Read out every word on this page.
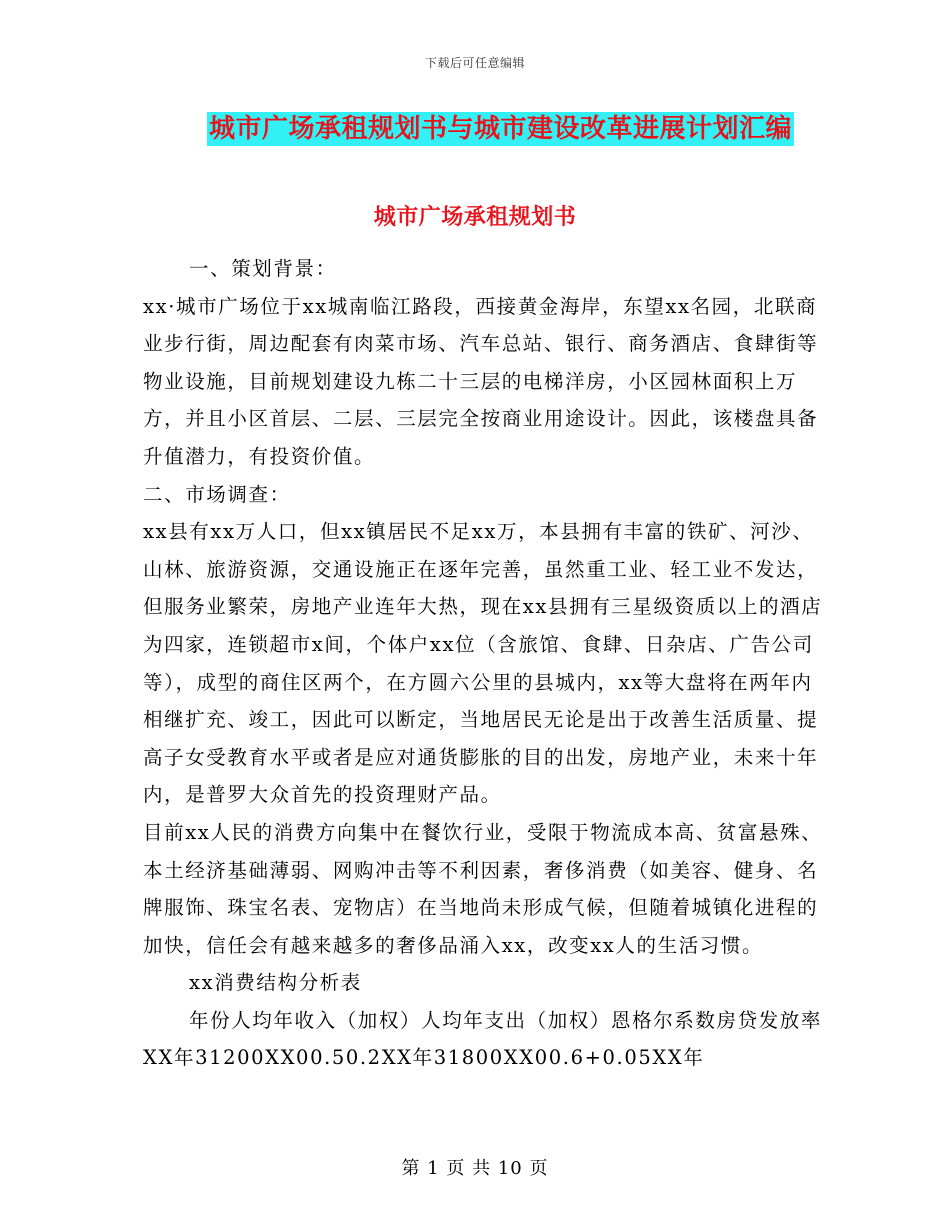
下载后可任意编辑
城市广场承租规划书与城市建设改革进展计划汇编
城市广场承租规划书

一、策划背景：

xx·城市广场位于xx城南临江路段，西接黄金海岸，东望xx名园，北联商业步行街，周边配套有肉菜市场、汽车总站、银行、商务酒店、食肆街等物业设施，目前规划建设九栋二十三层的电梯洋房，小区园林面积上万方，并且小区首层、二层、三层完全按商业用途设计。因此，该楼盘具备升值潜力，有投资价值。

二、市场调查：

xx县有xx万人口，但xx镇居民不足xx万，本县拥有丰富的铁矿、河沙、山林、旅游资源，交通设施正在逐年完善，虽然重工业、轻工业不发达，但服务业繁荣，房地产业连年大热，现在xx县拥有三星级资质以上的酒店为四家，连锁超市x间，个体户xx位（含旅馆、食肆、日杂店、广告公司等），成型的商住区两个，在方圆六公里的县城内，xx等大盘将在两年内相继扩充、竣工，因此可以断定，当地居民无论是出于改善生活质量、提高子女受教育水平或者是应对通货膨胀的目的出发，房地产业，未来十年内，是普罗大众首先的投资理财产品。

目前xx人民的消费方向集中在餐饮行业，受限于物流成本高、贫富悬殊、本土经济基础薄弱、网购冲击等不利因素，奢侈消费（如美容、健身、名牌服饰、珠宝名表、宠物店）在当地尚未形成气候，但随着城镇化进程的加快，信任会有越来越多的奢侈品涌入xx，改变xx人的生活习惯。

xx消费结构分析表

年份人均年收入（加权）人均年支出（加权）恩格尔系数房贷发放率XX年31200XX00.50.2XX年31800XX00.6+0.05XX年

第 1 页 共 10 页
